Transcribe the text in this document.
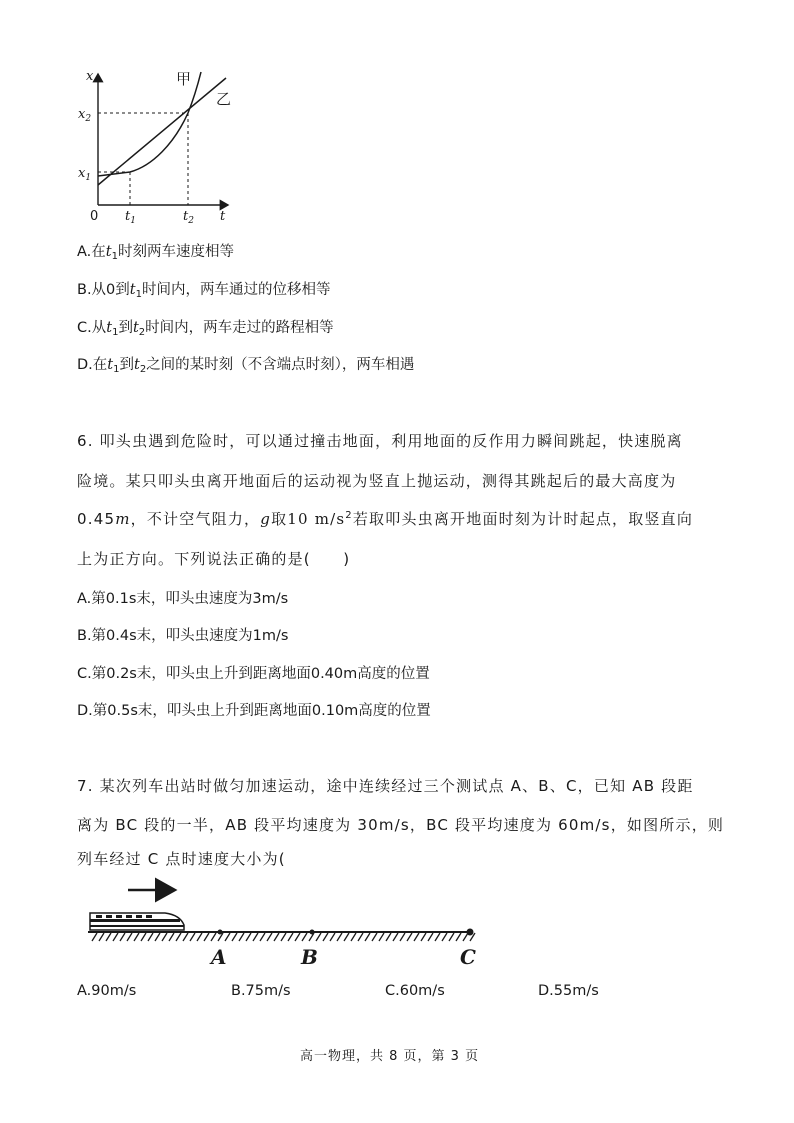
x
t
0
$x_2$
$x_1$
$t_1$	$t_2$
甲
乙
A.在$t_1$时刻两车速度相等
B.从0到$t_1$时间内，两车通过的位移相等
C.从$t_1$到$t_2$时间内，两车走过的路程相等
D.在$t_1$到$t_2$之间的某时刻（不含端点时刻），两车相遇
6. 叩头虫遇到危险时，可以通过撞击地面，利用地面的反作用力瞬间跳起，快速脱离
险境。某只叩头虫离开地面后的运动视为竖直上抛运动，测得其跳起后的最大高度为
0.45m，不计空气阻力，g取10 $m/s^2$若取叩头虫离开地面时刻为计时起点，取竖直向
上为正方向。下列说法正确的是(　　)
A.第0.1s末，叩头虫速度为3m/s
B.第0.4s末，叩头虫速度为1m/s
C.第0.2s末，叩头虫上升到距离地面0.40m高度的位置
D.第0.5s末，叩头虫上升到距离地面0.10m高度的位置
7. 某次列车出站时做匀加速运动，途中连续经过三个测试点 A、B、C，已知 AB 段距
离为 BC 段的一半，AB 段平均速度为 30m/s，BC 段平均速度为 60m/s，如图所示，则
列车经过 C 点时速度大小为(
A	B	C
A.90m/s	B.75m/s	C.60m/s	D.55m/s
高一物理，共 8 页，第 3 页
